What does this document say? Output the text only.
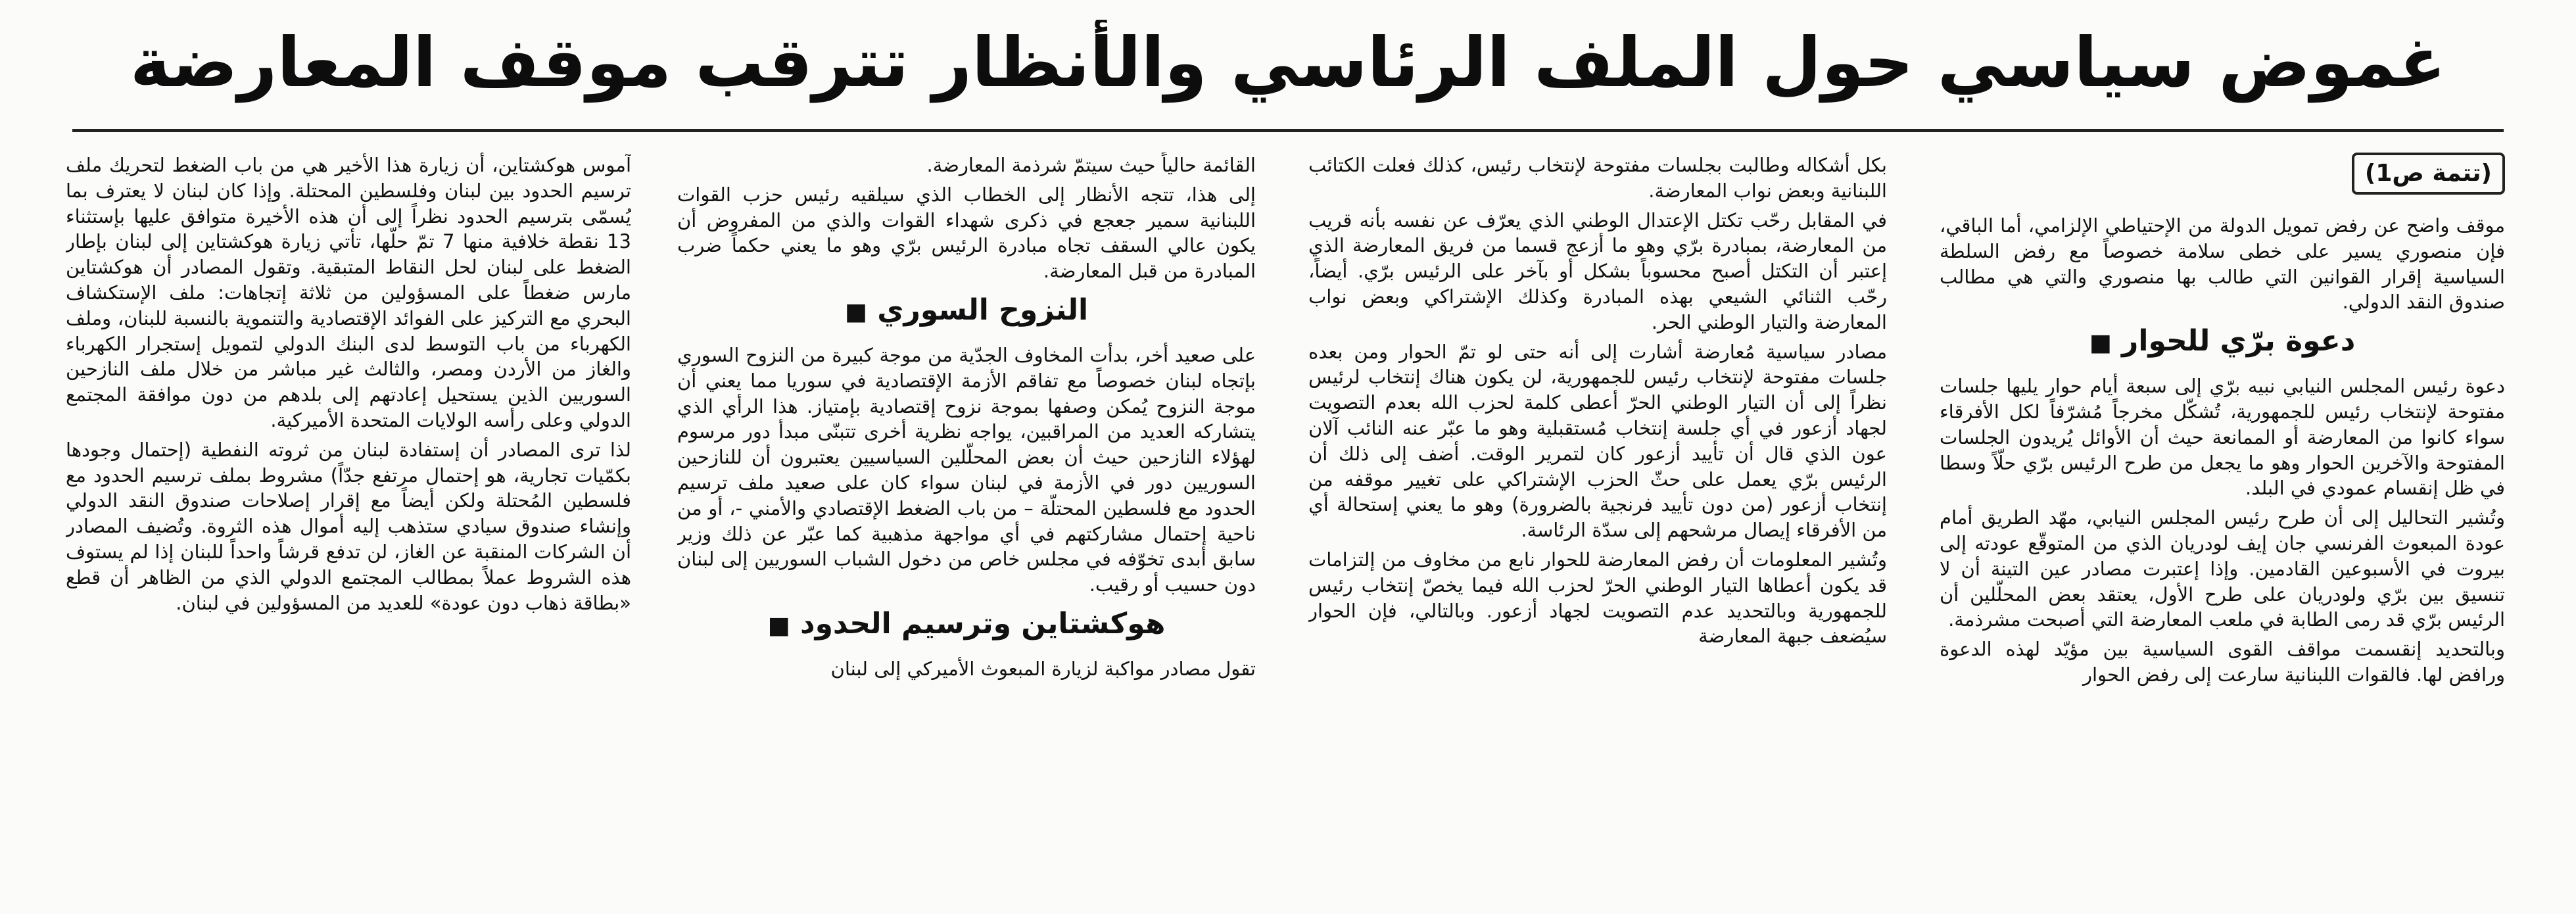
غموض سياسي حول الملف الرئاسي والأنظار تترقب موقف المعارضة
(تتمة ص1)

موقف واضح عن رفض تمويل الدولة من الإحتياطي الإلزامي، أما الباقي، فإن منصوري يسير على خطى سلامة خصوصاً مع رفض السلطة السياسية إقرار القوانين التي طالب بها منصوري والتي هي مطالب صندوق النقد الدولي.

دعوة برّي للحوار ■

دعوة رئيس المجلس النيابي نبيه برّي إلى سبعة أيام حوار يليها جلسات مفتوحة لإنتخاب رئيس للجمهورية، تُشكّل مخرجاً مُشرّفاً لكل الأفرقاء سواء كانوا من المعارضة أو الممانعة حيث أن الأوائل يُريدون الجلسات المفتوحة والآخرين الحوار وهو ما يجعل من طرح الرئيس برّي حلّاً وسطا في ظل إنقسام عمودي في البلد.

وتُشير التحاليل إلى أن طرح رئيس المجلس النيابي، مهّد الطريق أمام عودة المبعوث الفرنسي جان إيف لودريان الذي من المتوقّع عودته إلى بيروت في الأسبوعين القادمين. وإذا إعتبرت مصادر عين التينة أن لا تنسيق بين برّي ولودريان على طرح الأول، يعتقد بعض المحلّلين أن الرئيس برّي قد رمى الطابة في ملعب المعارضة التي أصبحت مشرذمة.

وبالتحديد إنقسمت مواقف القوى السياسية بين مؤيّد لهذه الدعوة ورافض لها. فالقوات اللبنانية سارعت إلى رفض الحوار

بكل أشكاله وطالبت بجلسات مفتوحة لإنتخاب رئيس، كذلك فعلت الكتائب اللبنانية وبعض نواب المعارضة.

في المقابل رحّب تكتل الإعتدال الوطني الذي يعرّف عن نفسه بأنه قريب من المعارضة، بمبادرة برّي وهو ما أزعج قسما من فريق المعارضة الذي إعتبر أن التكتل أصبح محسوباً بشكل أو بآخر على الرئيس برّي. أيضاً، رحّب الثنائي الشيعي بهذه المبادرة وكذلك الإشتراكي وبعض نواب المعارضة والتيار الوطني الحر.

مصادر سياسية مُعارضة أشارت إلى أنه حتى لو تمّ الحوار ومن بعده جلسات مفتوحة لإنتخاب رئيس للجمهورية، لن يكون هناك إنتخاب لرئيس نظراً إلى أن التيار الوطني الحرّ أعطى كلمة لحزب الله بعدم التصويت لجهاد أزعور في أي جلسة إنتخاب مُستقبلية وهو ما عبّر عنه النائب آلان عون الذي قال أن تأييد أزعور كان لتمرير الوقت. أضف إلى ذلك أن الرئيس برّي يعمل على حثّ الحزب الإشتراكي على تغيير موقفه من إنتخاب أزعور (من دون تأييد فرنجية بالضرورة) وهو ما يعني إستحالة أي من الأفرقاء إيصال مرشحهم إلى سدّة الرئاسة.

وتُشير المعلومات أن رفض المعارضة للحوار نابع من مخاوف من إلتزامات قد يكون أعطاها التيار الوطني الحرّ لحزب الله فيما يخصّ إنتخاب رئيس للجمهورية وبالتحديد عدم التصويت لجهاد أزعور. وبالتالي، فإن الحوار سيُضعف جبهة المعارضة

القائمة حالياً حيث سيتمّ شرذمة المعارضة.

إلى هذا، تتجه الأنظار إلى الخطاب الذي سيلقيه رئيس حزب القوات اللبنانية سمير جعجع في ذكرى شهداء القوات والذي من المفروض أن يكون عالي السقف تجاه مبادرة الرئيس برّي وهو ما يعني حكماً ضرب المبادرة من قبل المعارضة.

النزوح السوري ■

على صعيد أخر، بدأت المخاوف الجدّية من موجة كبيرة من النزوح السوري بإتجاه لبنان خصوصاً مع تفاقم الأزمة الإقتصادية في سوريا مما يعني أن موجة النزوح يُمكن وصفها بموجة نزوح إقتصادية بإمتياز. هذا الرأي الذي يتشاركه العديد من المراقبين، يواجه نظرية أخرى تتبنّى مبدأ دور مرسوم لهؤلاء النازحين حيث أن بعض المحلّلين السياسيين يعتبرون أن للنازحين السوريين دور في الأزمة في لبنان سواء كان على صعيد ملف ترسيم الحدود مع فلسطين المحتلّة – من باب الضغط الإقتصادي والأمني -، أو من ناحية إحتمال مشاركتهم في أي مواجهة مذهبية كما عبّر عن ذلك وزير سابق أبدى تخوّفه في مجلس خاص من دخول الشباب السوريين إلى لبنان دون حسيب أو رقيب.

هوكشتاين وترسيم الحدود ■

تقول مصادر مواكبة لزيارة المبعوث الأميركي إلى لبنان

آموس هوكشتاين، أن زيارة هذا الأخير هي من باب الضغط لتحريك ملف ترسيم الحدود بين لبنان وفلسطين المحتلة. وإذا كان لبنان لا يعترف بما يُسمّى بترسيم الحدود نظراً إلى أن هذه الأخيرة متوافق عليها بإستثناء 13 نقطة خلافية منها 7 تمّ حلّها، تأتي زيارة هوكشتاين إلى لبنان بإطار الضغط على لبنان لحل النقاط المتبقية. وتقول المصادر أن هوكشتاين مارس ضغطاً على المسؤولين من ثلاثة إتجاهات: ملف الإستكشاف البحري مع التركيز على الفوائد الإقتصادية والتنموية بالنسبة للبنان، وملف الكهرباء من باب التوسط لدى البنك الدولي لتمويل إستجرار الكهرباء والغاز من الأردن ومصر، والثالث غير مباشر من خلال ملف النازحين السوريين الذين يستحيل إعادتهم إلى بلدهم من دون موافقة المجتمع الدولي وعلى رأسه الولايات المتحدة الأميركية.

لذا ترى المصادر أن إستفادة لبنان من ثروته النفطية (إحتمال وجودها بكمّيات تجارية، هو إحتمال مرتفع جدّاً) مشروط بملف ترسيم الحدود مع فلسطين المُحتلة ولكن أيضاً مع إقرار إصلاحات صندوق النقد الدولي وإنشاء صندوق سيادي ستذهب إليه أموال هذه الثروة. وتُضيف المصادر أن الشركات المنقبة عن الغاز، لن تدفع قرشاً واحداً للبنان إذا لم يستوف هذه الشروط عملاً بمطالب المجتمع الدولي الذي من الظاهر أن قطع «بطاقة ذهاب دون عودة» للعديد من المسؤولين في لبنان.
